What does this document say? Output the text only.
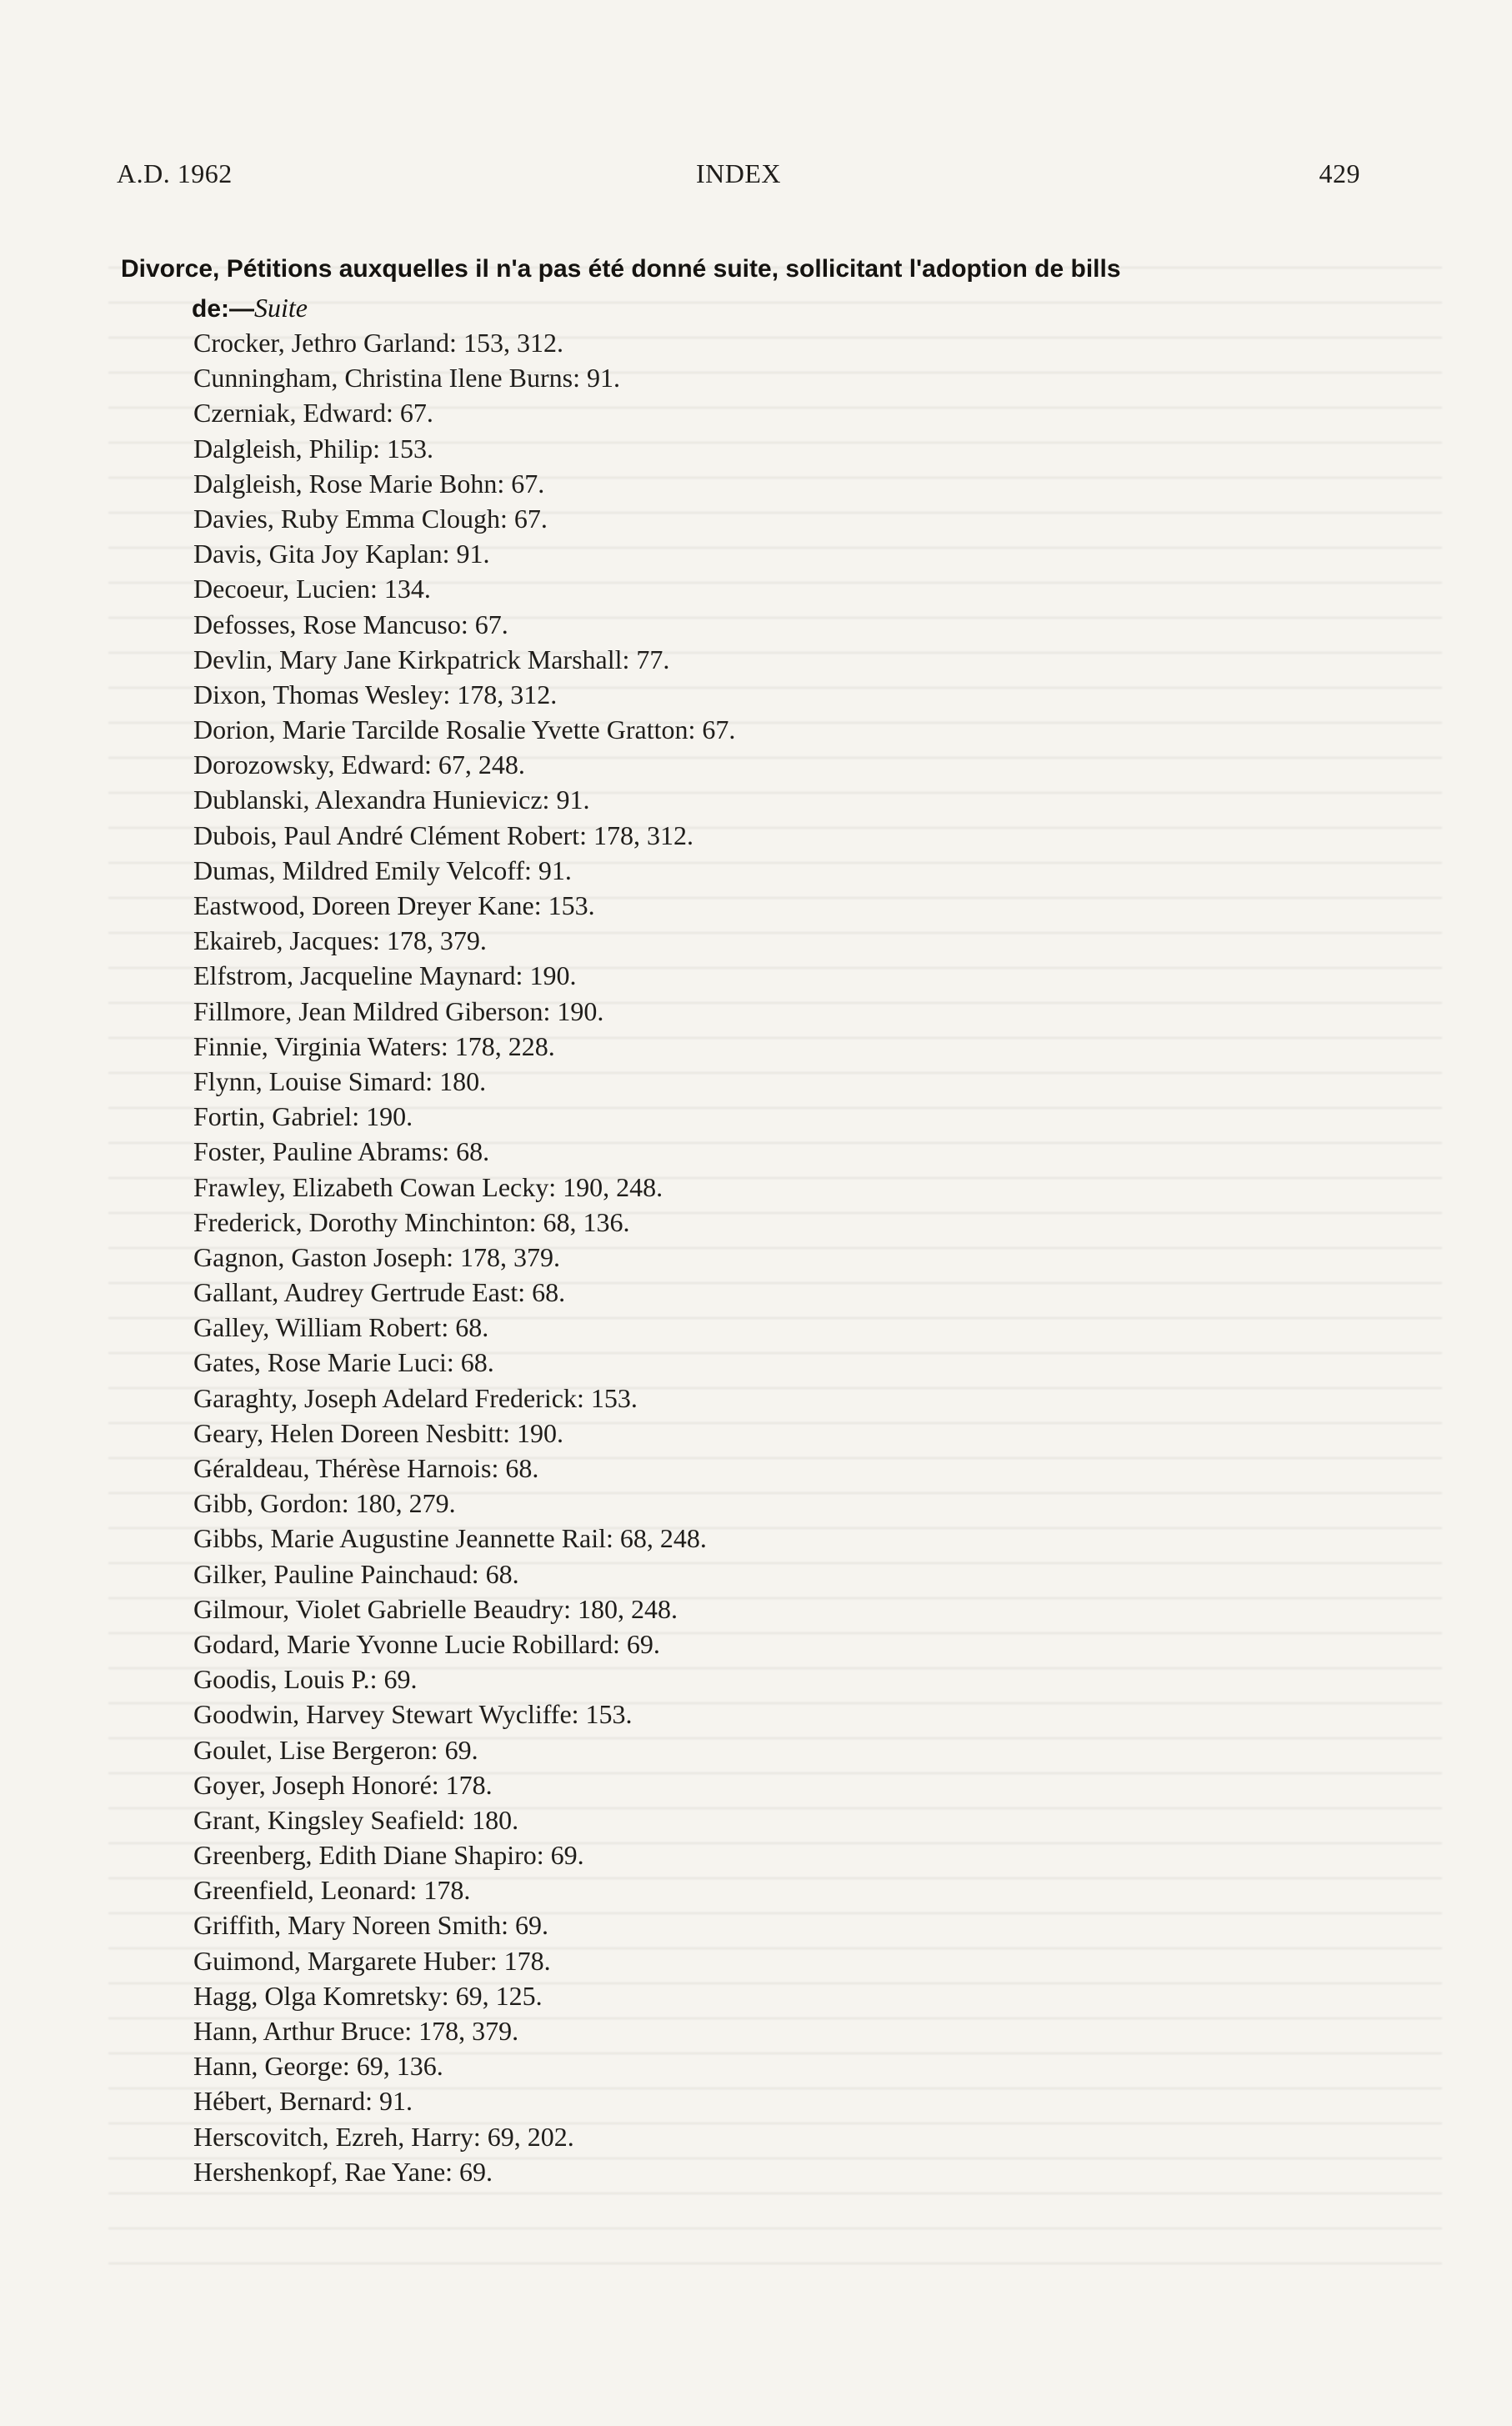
A.D. 1962	INDEX	429
Divorce, Pétitions auxquelles il n'a pas été donné suite, sollicitant l'adoption de bills
de:—Suite
Crocker, Jethro Garland: 153, 312.
Cunningham, Christina Ilene Burns: 91.
Czerniak, Edward: 67.
Dalgleish, Philip: 153.
Dalgleish, Rose Marie Bohn: 67.
Davies, Ruby Emma Clough: 67.
Davis, Gita Joy Kaplan: 91.
Decoeur, Lucien: 134.
Defosses, Rose Mancuso: 67.
Devlin, Mary Jane Kirkpatrick Marshall: 77.
Dixon, Thomas Wesley: 178, 312.
Dorion, Marie Tarcilde Rosalie Yvette Gratton: 67.
Dorozowsky, Edward: 67, 248.
Dublanski, Alexandra Hunievicz: 91.
Dubois, Paul André Clément Robert: 178, 312.
Dumas, Mildred Emily Velcoff: 91.
Eastwood, Doreen Dreyer Kane: 153.
Ekaireb, Jacques: 178, 379.
Elfstrom, Jacqueline Maynard: 190.
Fillmore, Jean Mildred Giberson: 190.
Finnie, Virginia Waters: 178, 228.
Flynn, Louise Simard: 180.
Fortin, Gabriel: 190.
Foster, Pauline Abrams: 68.
Frawley, Elizabeth Cowan Lecky: 190, 248.
Frederick, Dorothy Minchinton: 68, 136.
Gagnon, Gaston Joseph: 178, 379.
Gallant, Audrey Gertrude East: 68.
Galley, William Robert: 68.
Gates, Rose Marie Luci: 68.
Garaghty, Joseph Adelard Frederick: 153.
Geary, Helen Doreen Nesbitt: 190.
Géraldeau, Thérèse Harnois: 68.
Gibb, Gordon: 180, 279.
Gibbs, Marie Augustine Jeannette Rail: 68, 248.
Gilker, Pauline Painchaud: 68.
Gilmour, Violet Gabrielle Beaudry: 180, 248.
Godard, Marie Yvonne Lucie Robillard: 69.
Goodis, Louis P.: 69.
Goodwin, Harvey Stewart Wycliffe: 153.
Goulet, Lise Bergeron: 69.
Goyer, Joseph Honoré: 178.
Grant, Kingsley Seafield: 180.
Greenberg, Edith Diane Shapiro: 69.
Greenfield, Leonard: 178.
Griffith, Mary Noreen Smith: 69.
Guimond, Margarete Huber: 178.
Hagg, Olga Komretsky: 69, 125.
Hann, Arthur Bruce: 178, 379.
Hann, George: 69, 136.
Hébert, Bernard: 91.
Herscovitch, Ezreh, Harry: 69, 202.
Hershenkopf, Rae Yane: 69.
